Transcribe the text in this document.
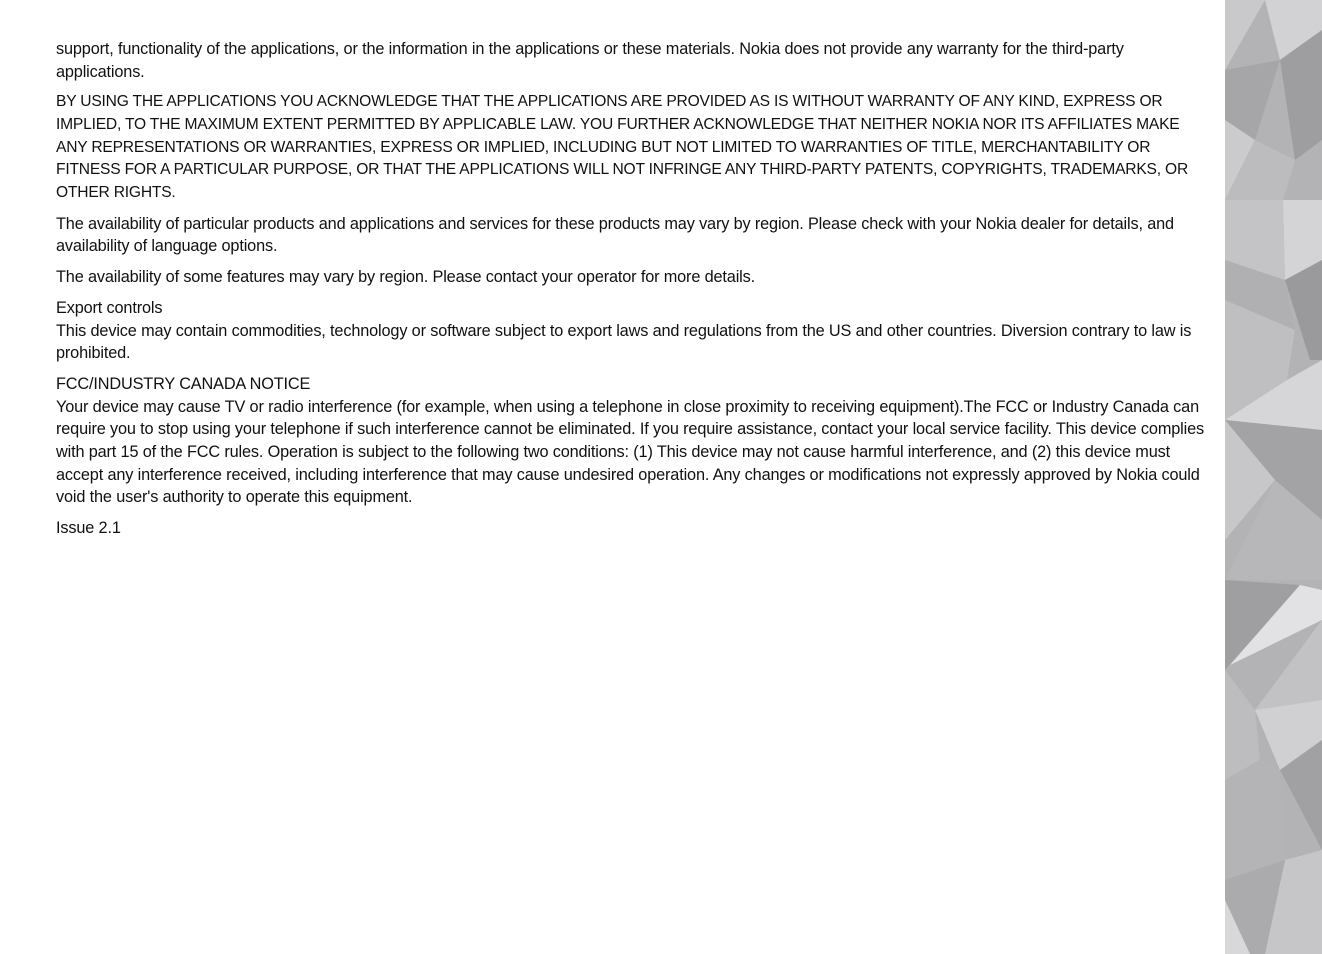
support, functionality of the applications, or the information in the applications or these materials. Nokia does not provide any warranty for the third-party applications.

BY USING THE APPLICATIONS YOU ACKNOWLEDGE THAT THE APPLICATIONS ARE PROVIDED AS IS WITHOUT WARRANTY OF ANY KIND, EXPRESS OR IMPLIED, TO THE MAXIMUM EXTENT PERMITTED BY APPLICABLE LAW. YOU FURTHER ACKNOWLEDGE THAT NEITHER NOKIA NOR ITS AFFILIATES MAKE ANY REPRESENTATIONS OR WARRANTIES, EXPRESS OR IMPLIED, INCLUDING BUT NOT LIMITED TO WARRANTIES OF TITLE, MERCHANTABILITY OR FITNESS FOR A PARTICULAR PURPOSE, OR THAT THE APPLICATIONS WILL NOT INFRINGE ANY THIRD-PARTY PATENTS, COPYRIGHTS, TRADEMARKS, OR OTHER RIGHTS.

The availability of particular products and applications and services for these products may vary by region. Please check with your Nokia dealer for details, and availability of language options.

The availability of some features may vary by region. Please contact your operator for more details.

Export controls
This device may contain commodities, technology or software subject to export laws and regulations from the US and other countries. Diversion contrary to law is prohibited.

FCC/INDUSTRY CANADA NOTICE
Your device may cause TV or radio interference (for example, when using a telephone in close proximity to receiving equipment).The FCC or Industry Canada can require you to stop using your telephone if such interference cannot be eliminated. If you require assistance, contact your local service facility. This device complies with part 15 of the FCC rules. Operation is subject to the following two conditions: (1) This device may not cause harmful interference, and (2) this device must accept any interference received, including interference that may cause undesired operation. Any changes or modifications not expressly approved by Nokia could void the user's authority to operate this equipment.

Issue 2.1
